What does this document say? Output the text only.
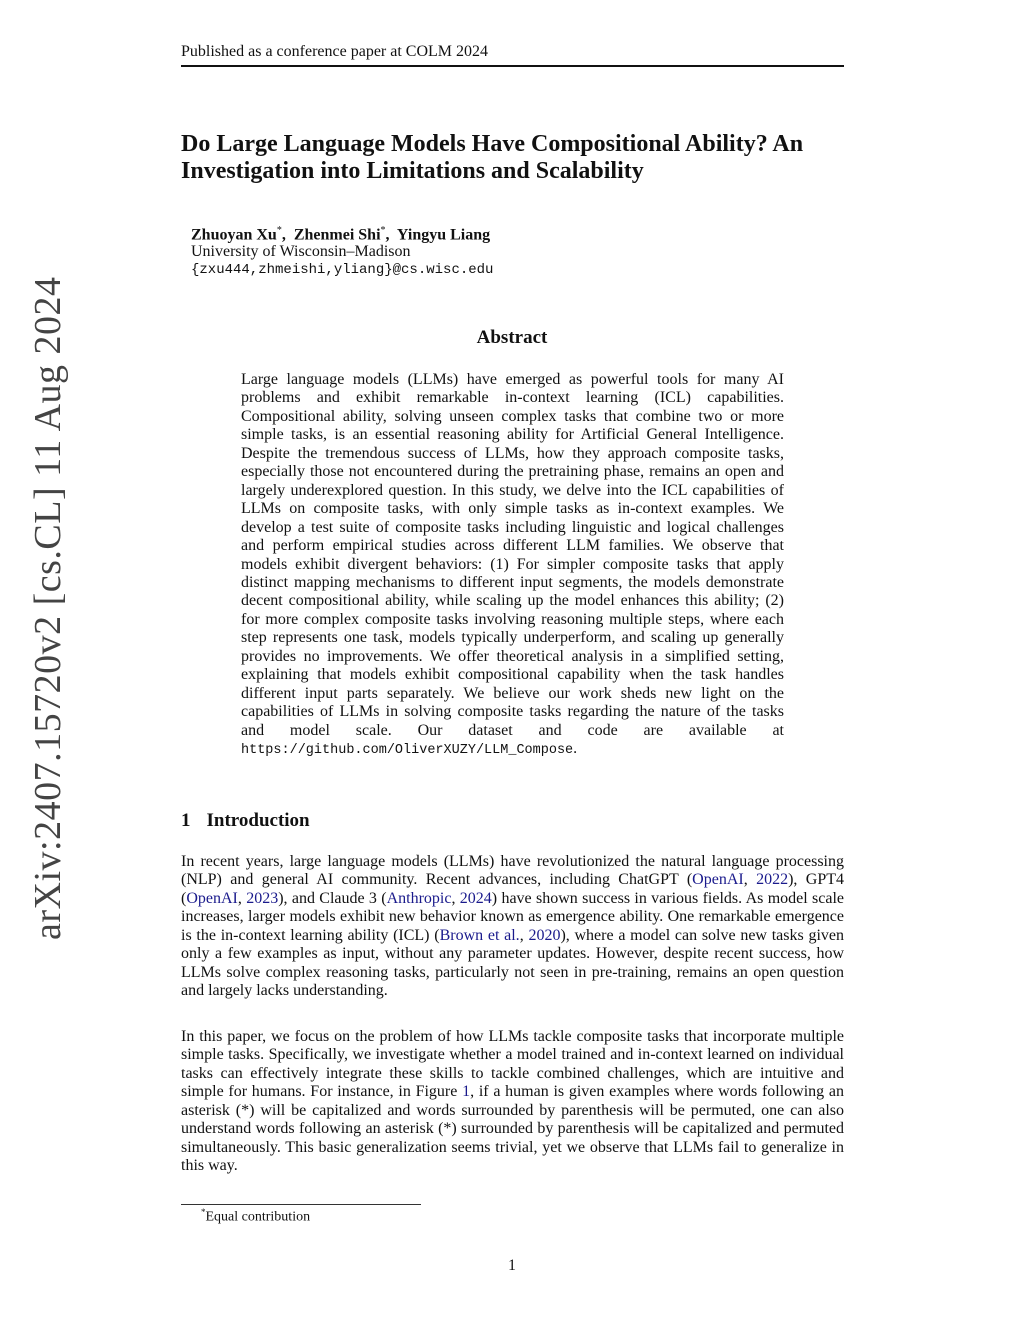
Published as a conference paper at COLM 2024
arXiv:2407.15720v2 [cs.CL] 11 Aug 2024
Do Large Language Models Have Compositional Ability? An Investigation into Limitations and Scalability
Zhuoyan Xu*,  Zhenmei Shi*,  Yingyu Liang
University of Wisconsin–Madison
{zxu444,zhmeishi,yliang}@cs.wisc.edu
Abstract
Large language models (LLMs) have emerged as powerful tools for many AI problems and exhibit remarkable in-context learning (ICL) capabilities. Compositional ability, solving unseen complex tasks that combine two or more simple tasks, is an essential reasoning ability for Artificial General Intelligence. Despite the tremendous success of LLMs, how they approach composite tasks, especially those not encountered during the pretraining phase, remains an open and largely underexplored question. In this study, we delve into the ICL capabilities of LLMs on composite tasks, with only simple tasks as in-context examples. We develop a test suite of composite tasks including linguistic and logical challenges and perform empirical studies across different LLM families. We observe that models exhibit divergent behaviors: (1) For simpler composite tasks that apply distinct mapping mechanisms to different input segments, the models demonstrate decent compositional ability, while scaling up the model enhances this ability; (2) for more complex composite tasks involving reasoning multiple steps, where each step represents one task, models typically underperform, and scaling up generally provides no improvements. We offer theoretical analysis in a simplified setting, explaining that models exhibit compositional capability when the task handles different input parts separately. We believe our work sheds new light on the capabilities of LLMs in solving composite tasks regarding the nature of the tasks and model scale. Our dataset and code are available at https://github.com/OliverXUZY/LLM_Compose.
1 Introduction
In recent years, large language models (LLMs) have revolutionized the natural language processing (NLP) and general AI community. Recent advances, including ChatGPT (OpenAI, 2022), GPT4 (OpenAI, 2023), and Claude 3 (Anthropic, 2024) have shown success in various fields. As model scale increases, larger models exhibit new behavior known as emergence ability. One remarkable emergence is the in-context learning ability (ICL) (Brown et al., 2020), where a model can solve new tasks given only a few examples as input, without any parameter updates. However, despite recent success, how LLMs solve complex reasoning tasks, particularly not seen in pre-training, remains an open question and largely lacks understanding.
In this paper, we focus on the problem of how LLMs tackle composite tasks that incorporate multiple simple tasks. Specifically, we investigate whether a model trained and in-context learned on individual tasks can effectively integrate these skills to tackle combined challenges, which are intuitive and simple for humans. For instance, in Figure 1, if a human is given examples where words following an asterisk (*) will be capitalized and words surrounded by parenthesis will be permuted, one can also understand words following an asterisk (*) surrounded by parenthesis will be capitalized and permuted simultaneously. This basic generalization seems trivial, yet we observe that LLMs fail to generalize in this way.
*Equal contribution
1
